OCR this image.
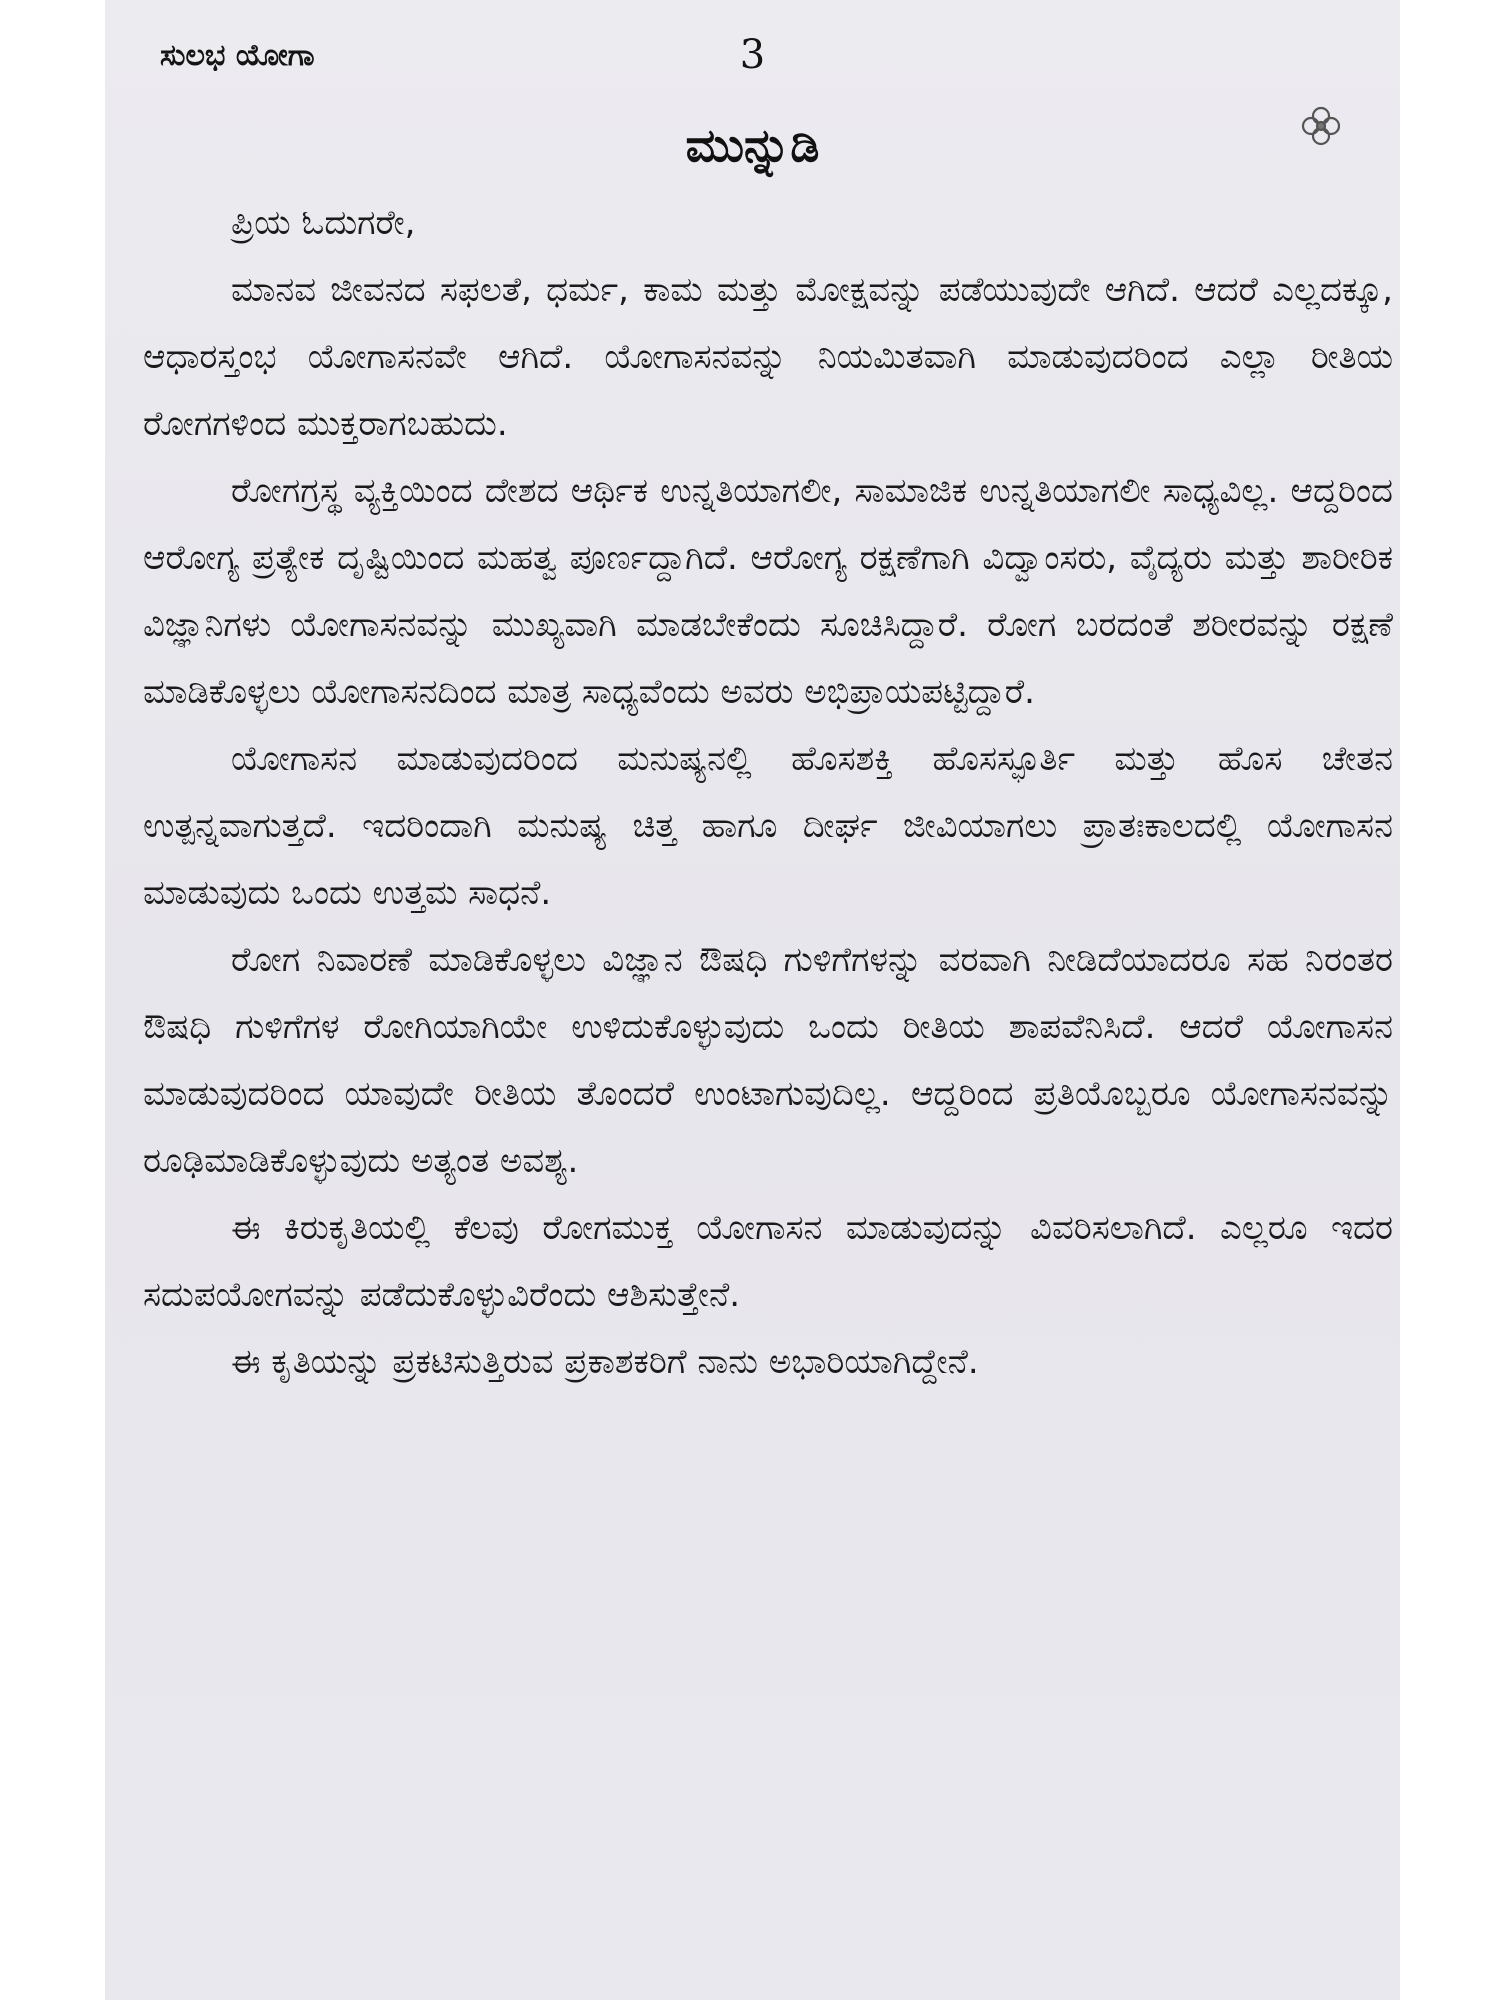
ಸುಲಭ ಯೋಗಾ	3
ಮುನ್ನುಡಿ

ಪ್ರಿಯ ಓದುಗರೇ,

ಮಾನವ ಜೀವನದ ಸಫಲತೆ, ಧರ್ಮ, ಕಾಮ ಮತ್ತು ಮೋಕ್ಷವನ್ನು ಪಡೆಯುವುದೇ ಆಗಿದೆ. ಆದರೆ ಎಲ್ಲದಕ್ಕೂ, ಆಧಾರಸ್ತಂಭ ಯೋಗಾಸನವೇ ಆಗಿದೆ. ಯೋಗಾಸನವನ್ನು ನಿಯಮಿತವಾಗಿ ಮಾಡುವುದರಿಂದ ಎಲ್ಲಾ ರೀತಿಯ ರೋಗಗಳಿಂದ ಮುಕ್ತರಾಗಬಹುದು.

ರೋಗಗ್ರಸ್ಥ ವ್ಯಕ್ತಿಯಿಂದ ದೇಶದ ಆರ್ಥಿಕ ಉನ್ನತಿಯಾಗಲೀ, ಸಾಮಾಜಿಕ ಉನ್ನತಿಯಾಗಲೀ ಸಾಧ್ಯವಿಲ್ಲ. ಆದ್ದರಿಂದ ಆರೋಗ್ಯ ಪ್ರತ್ಯೇಕ ದೃಷ್ಟಿಯಿಂದ ಮಹತ್ವ ಪೂರ್ಣದ್ದಾಗಿದೆ. ಆರೋಗ್ಯ ರಕ್ಷಣೆಗಾಗಿ ವಿದ್ವಾಂಸರು, ವೈದ್ಯರು ಮತ್ತು ಶಾರೀರಿಕ ವಿಜ್ಞಾನಿಗಳು ಯೋಗಾಸನವನ್ನು ಮುಖ್ಯವಾಗಿ ಮಾಡಬೇಕೆಂದು ಸೂಚಿಸಿದ್ದಾರೆ. ರೋಗ ಬರದಂತೆ ಶರೀರವನ್ನು ರಕ್ಷಣೆ ಮಾಡಿಕೊಳ್ಳಲು ಯೋಗಾಸನದಿಂದ ಮಾತ್ರ ಸಾಧ್ಯವೆಂದು ಅವರು ಅಭಿಪ್ರಾಯಪಟ್ಟಿದ್ದಾರೆ.

ಯೋಗಾಸನ ಮಾಡುವುದರಿಂದ ಮನುಷ್ಯನಲ್ಲಿ ಹೊಸಶಕ್ತಿ ಹೊಸಸ್ಫೂರ್ತಿ ಮತ್ತು ಹೊಸ ಚೇತನ ಉತ್ಪನ್ನವಾಗುತ್ತದೆ. ಇದರಿಂದಾಗಿ ಮನುಷ್ಯ ಚಿತ್ತ ಹಾಗೂ ದೀರ್ಘ ಜೀವಿಯಾಗಲು ಪ್ರಾತಃಕಾಲದಲ್ಲಿ ಯೋಗಾಸನ ಮಾಡುವುದು ಒಂದು ಉತ್ತಮ ಸಾಧನೆ.

ರೋಗ ನಿವಾರಣೆ ಮಾಡಿಕೊಳ್ಳಲು ವಿಜ್ಞಾನ ಔಷಧಿ ಗುಳಿಗೆಗಳನ್ನು ವರವಾಗಿ ನೀಡಿದೆಯಾದರೂ ಸಹ ನಿರಂತರ ಔಷಧಿ ಗುಳಿಗೆಗಳ ರೋಗಿಯಾಗಿಯೇ ಉಳಿದುಕೊಳ್ಳುವುದು ಒಂದು ರೀತಿಯ ಶಾಪವೆನಿಸಿದೆ. ಆದರೆ ಯೋಗಾಸನ ಮಾಡುವುದರಿಂದ ಯಾವುದೇ ರೀತಿಯ ತೊಂದರೆ ಉಂಟಾಗುವುದಿಲ್ಲ. ಆದ್ದರಿಂದ ಪ್ರತಿಯೊಬ್ಬರೂ ಯೋಗಾಸನವನ್ನು ರೂಢಿಮಾಡಿಕೊಳ್ಳುವುದು ಅತ್ಯಂತ ಅವಶ್ಯ.

ಈ ಕಿರುಕೃತಿಯಲ್ಲಿ ಕೆಲವು ರೋಗಮುಕ್ತ ಯೋಗಾಸನ ಮಾಡುವುದನ್ನು ವಿವರಿಸಲಾಗಿದೆ. ಎಲ್ಲರೂ ಇದರ ಸದುಪಯೋಗವನ್ನು ಪಡೆದುಕೊಳ್ಳುವಿರೆಂದು ಆಶಿಸುತ್ತೇನೆ.

ಈ ಕೃತಿಯನ್ನು ಪ್ರಕಟಿಸುತ್ತಿರುವ ಪ್ರಕಾಶಕರಿಗೆ ನಾನು ಅಭಾರಿಯಾಗಿದ್ದೇನೆ.
